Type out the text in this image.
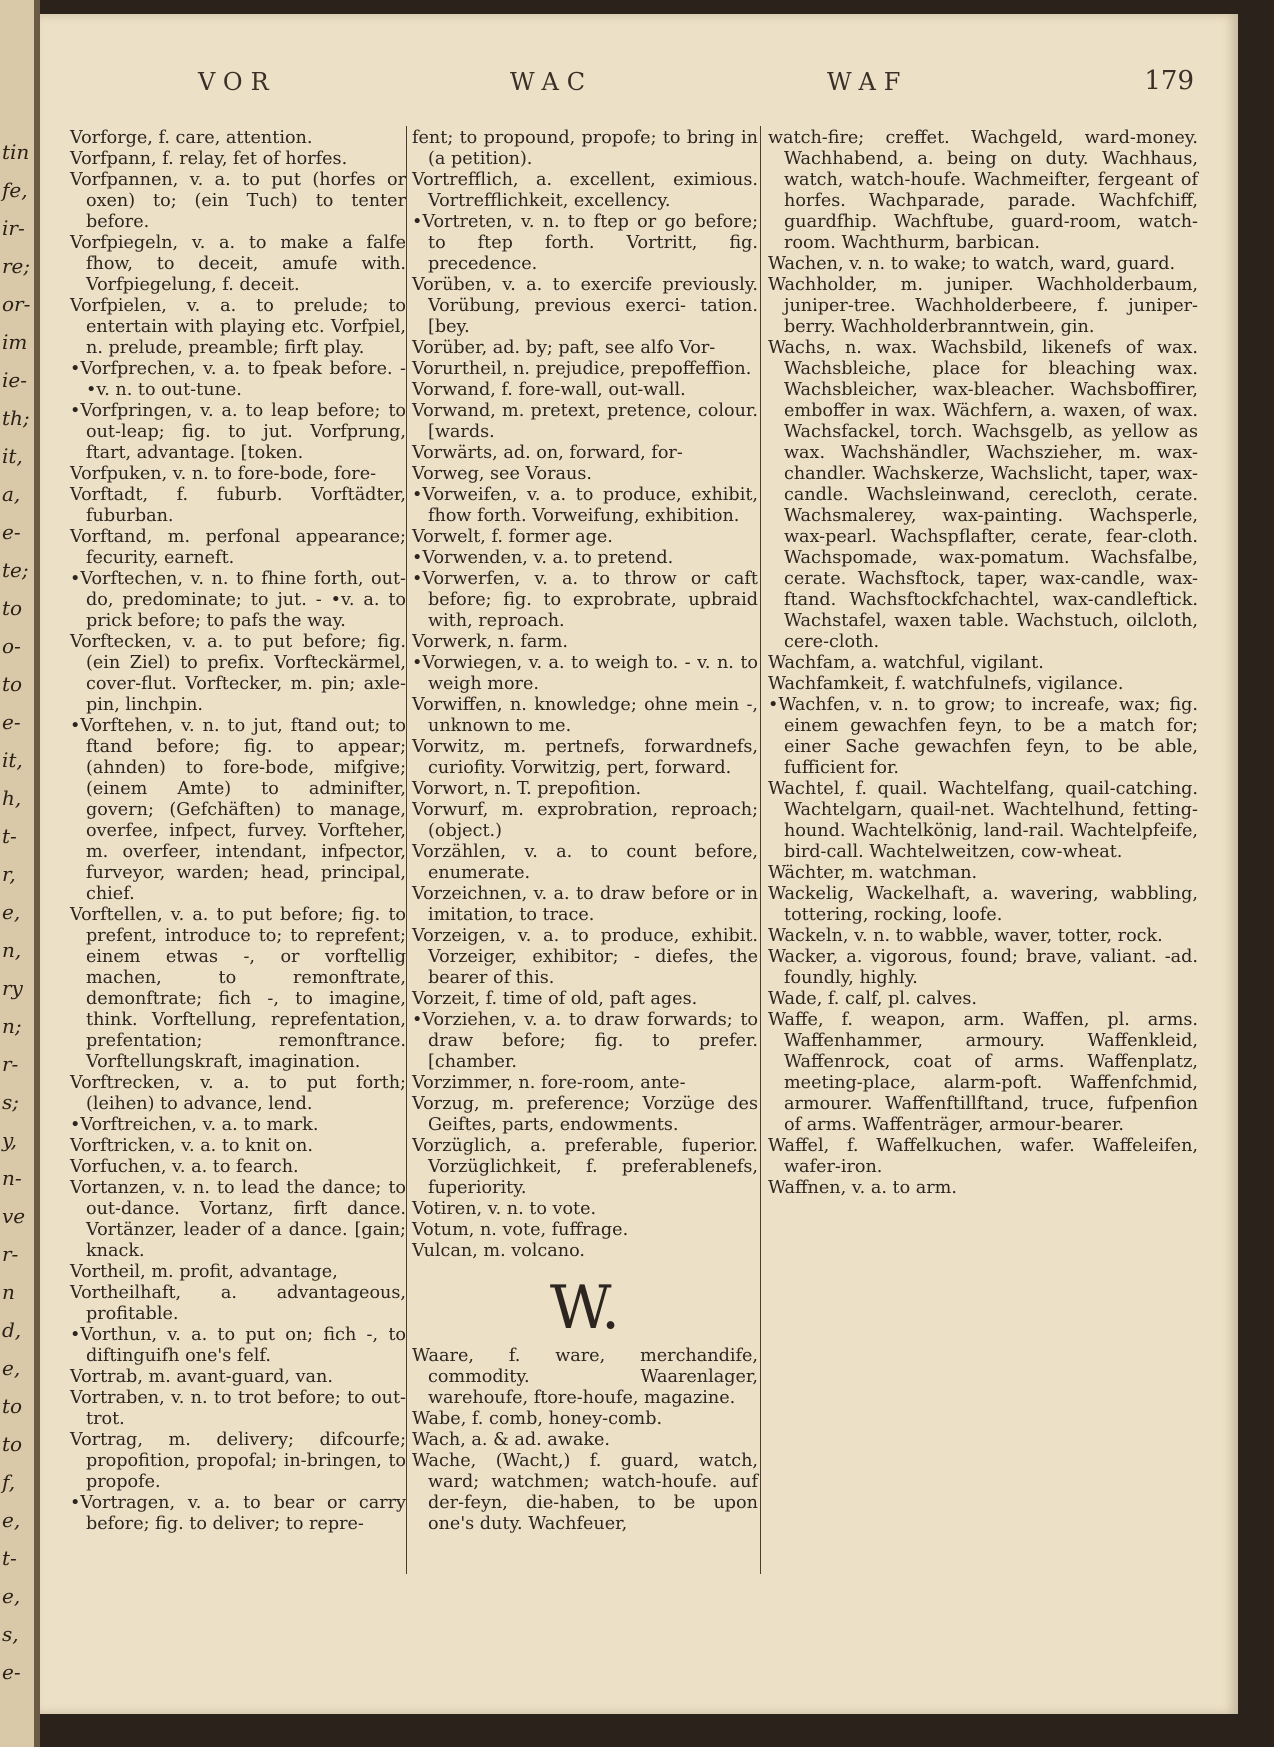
tin
fe,
ir-
re;
or-
im
ie-
th;
it,
a,
e-
te;
to
o-
to
e-
it,
h,
t-
r,
e,
n,
ry
n;
r-
s;
y,
n-
ve
r-
n
d,
e,
to
to
f,
e,
t-
e,
s,
e-
VOR	WAC	WAF	179

Vorforge, f. care, attention.

Vorfpann, f. relay, fet of horfes.

Vorfpannen, v. a. to put (horfes or oxen) to; (ein Tuch) to tenter before.

Vorfpiegeln, v. a. to make a falfe fhow, to deceit, amufe with. Vorfpiegelung, f. deceit.

Vorfpielen, v. a. to prelude; to entertain with playing etc. Vorfpiel, n. prelude, preamble; firft play.

•Vorfprechen, v. a. to fpeak before. - •v. n. to out-tune.

•Vorfpringen, v. a. to leap before; to out-leap; fig. to jut. Vorfprung, ftart, advantage. [token.

Vorfpuken, v. n. to fore-bode, fore-

Vorftadt, f. fuburb. Vorftädter, fuburban.

Vorftand, m. perfonal appearance; fecurity, earneft.

•Vorftechen, v. n. to fhine forth, out-do, predominate; to jut. - •v. a. to prick before; to pafs the way.

Vorftecken, v. a. to put before; fig. (ein Ziel) to prefix. Vorfteckärmel, cover-flut. Vorftecker, m. pin; axle-pin, linchpin.

•Vorftehen, v. n. to jut, ftand out; to ftand before; fig. to appear; (ahnden) to fore-bode, mifgive; (einem Amte) to adminifter, govern; (Gefchäften) to manage, overfee, infpect, furvey. Vorfteher, m. overfeer, intendant, infpector, furveyor, warden; head, principal, chief.

Vorftellen, v. a. to put before; fig. to prefent, introduce to; to reprefent; einem etwas -, or vorftellig machen, to remonftrate, demonftrate; fich -, to imagine, think. Vorftellung, reprefentation, prefentation; remonftrance. Vorftellungskraft, imagination.

Vorftrecken, v. a. to put forth; (leihen) to advance, lend.

•Vorftreichen, v. a. to mark.

Vorftricken, v. a. to knit on.

Vorfuchen, v. a. to fearch.

Vortanzen, v. n. to lead the dance; to out-dance. Vortanz, firft dance. Vortänzer, leader of a dance. [gain; knack.

Vortheil, m. profit, advantage,

Vortheilhaft, a. advantageous, profitable.

•Vorthun, v. a. to put on; fich -, to diftinguifh one's felf.

Vortrab, m. avant-guard, van.

Vortraben, v. n. to trot before; to out-trot.

Vortrag, m. delivery; difcourfe; propofition, propofal; in-bringen, to propofe.

•Vortragen, v. a. to bear or carry before; fig. to deliver; to repre-

fent; to propound, propofe; to bring in (a petition).

Vortrefflich, a. excellent, eximious. Vortrefflichkeit, excellency.

•Vortreten, v. n. to ftep or go before; to ftep forth. Vortritt, fig. precedence.

Vorüben, v. a. to exercife previously. Vorübung, previous exerci- tation. [bey.

Vorüber, ad. by; paft, see alfo Vor-

Vorurtheil, n. prejudice, prepoffeffion.

Vorwand, f. fore-wall, out-wall.

Vorwand, m. pretext, pretence, colour. [wards.

Vorwärts, ad. on, forward, for-

Vorweg, see Voraus.

•Vorweifen, v. a. to produce, exhibit, fhow forth. Vorweifung, exhibition.

Vorwelt, f. former age.

•Vorwenden, v. a. to pretend.

•Vorwerfen, v. a. to throw or caft before; fig. to exprobrate, upbraid with, reproach.

Vorwerk, n. farm.

•Vorwiegen, v. a. to weigh to. - v. n. to weigh more.

Vorwiffen, n. knowledge; ohne mein -, unknown to me.

Vorwitz, m. pertnefs, forwardnefs, curiofity. Vorwitzig, pert, forward.

Vorwort, n. T. prepofition.

Vorwurf, m. exprobration, reproach; (object.)

Vorzählen, v. a. to count before, enumerate.

Vorzeichnen, v. a. to draw before or in imitation, to trace.

Vorzeigen, v. a. to produce, exhibit. Vorzeiger, exhibitor; - diefes, the bearer of this.

Vorzeit, f. time of old, paft ages.

•Vorziehen, v. a. to draw forwards; to draw before; fig. to prefer. [chamber.

Vorzimmer, n. fore-room, ante-

Vorzug, m. preference; Vorzüge des Geiftes, parts, endowments.

Vorzüglich, a. preferable, fuperior. Vorzüglichkeit, f. preferablenefs, fuperiority.

Votiren, v. n. to vote.

Votum, n. vote, fuffrage.

Vulcan, m. volcano.

W.

Waare, f. ware, merchandife, commodity. Waarenlager, warehoufe, ftore-houfe, magazine.

Wabe, f. comb, honey-comb.

Wach, a. & ad. awake.

Wache, (Wacht,) f. guard, watch, ward; watchmen; watch-houfe. auf der-feyn, die-haben, to be upon one's duty. Wachfeuer,

watch-fire; creffet. Wachgeld, ward-money. Wachhabend, a. being on duty. Wachhaus, watch, watch-houfe. Wachmeifter, fergeant of horfes. Wachparade, parade. Wachfchiff, guardfhip. Wachftube, guard-room, watch-room. Wachthurm, barbican.

Wachen, v. n. to wake; to watch, ward, guard.

Wachholder, m. juniper. Wachholderbaum, juniper-tree. Wachholderbeere, f. juniper-berry. Wachholderbranntwein, gin.

Wachs, n. wax. Wachsbild, likenefs of wax. Wachsbleiche, place for bleaching wax. Wachsbleicher, wax-bleacher. Wachsboffirer, emboffer in wax. Wächfern, a. waxen, of wax. Wachsfackel, torch. Wachsgelb, as yellow as wax. Wachshändler, Wachszieher, m. wax-chandler. Wachskerze, Wachslicht, taper, wax-candle. Wachsleinwand, cerecloth, cerate. Wachsmalerey, wax-painting. Wachsperle, wax-pearl. Wachspflafter, cerate, fear-cloth. Wachspomade, wax-pomatum. Wachsfalbe, cerate. Wachsftock, taper, wax-candle, wax-ftand. Wachsftockfchachtel, wax-candleftick. Wachstafel, waxen table. Wachstuch, oilcloth, cere-cloth.

Wachfam, a. watchful, vigilant.

Wachfamkeit, f. watchfulnefs, vigilance.

•Wachfen, v. n. to grow; to increafe, wax; fig. einem gewachfen feyn, to be a match for; einer Sache gewachfen feyn, to be able, fufficient for.

Wachtel, f. quail. Wachtelfang, quail-catching. Wachtelgarn, quail-net. Wachtelhund, fetting-hound. Wachtelkönig, land-rail. Wachtelpfeife, bird-call. Wachtelweitzen, cow-wheat.

Wächter, m. watchman.

Wackelig, Wackelhaft, a. wavering, wabbling, tottering, rocking, loofe.

Wackeln, v. n. to wabble, waver, totter, rock.

Wacker, a. vigorous, found; brave, valiant. -ad. foundly, highly.

Wade, f. calf, pl. calves.

Waffe, f. weapon, arm. Waffen, pl. arms. Waffenhammer, armoury. Waffenkleid, Waffenrock, coat of arms. Waffenplatz, meeting-place, alarm-poft. Waffenfchmid, armourer. Waffenftillftand, truce, fufpenfion of arms. Waffenträger, armour-bearer.

Waffel, f. Waffelkuchen, wafer. Waffeleifen, wafer-iron.

Waffnen, v. a. to arm.
